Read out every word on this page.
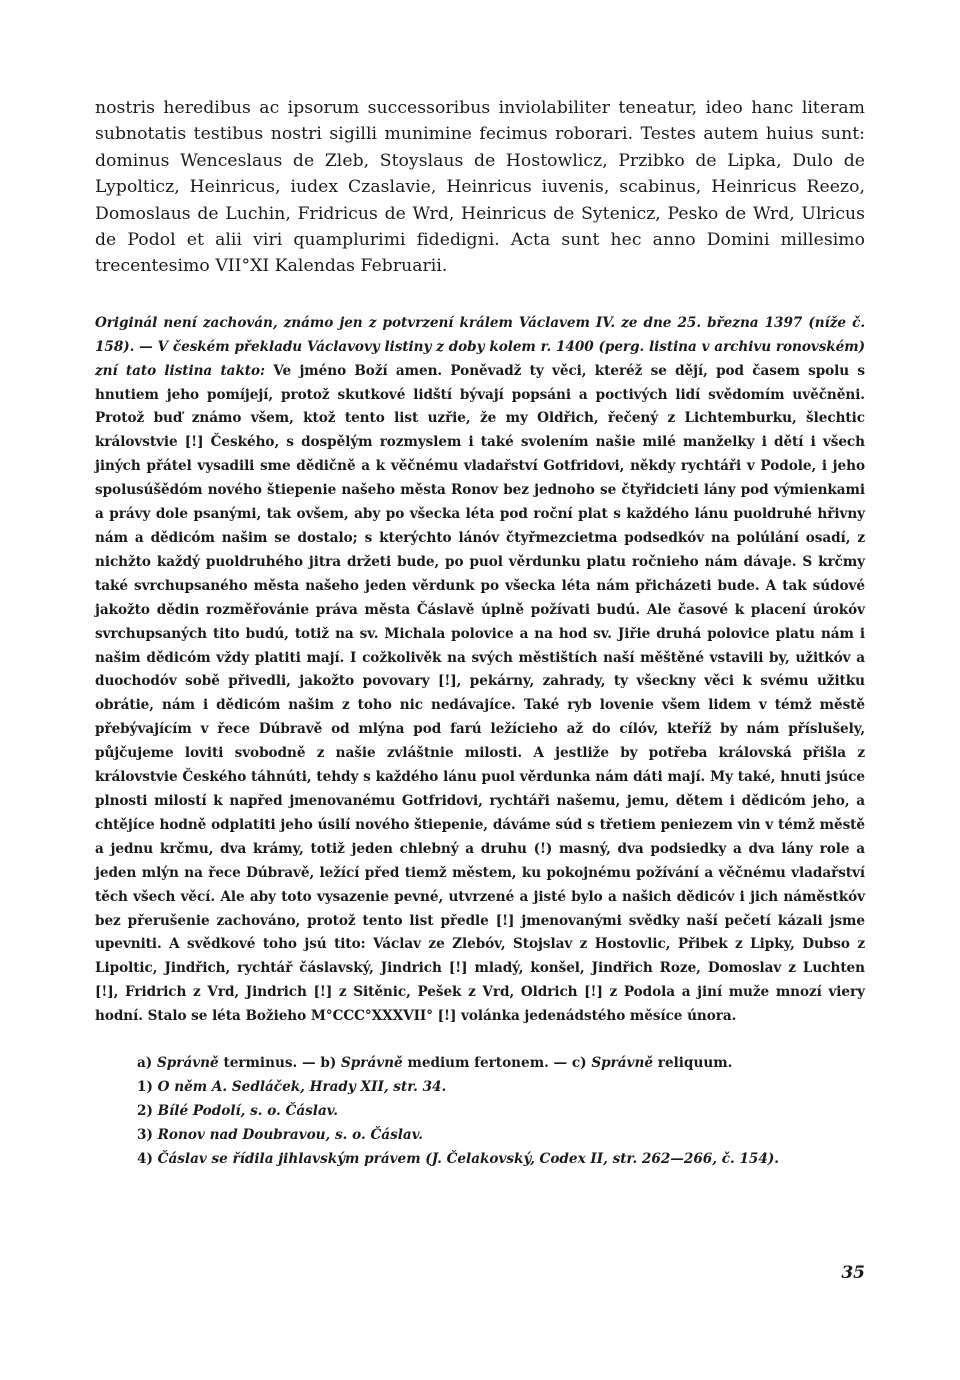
nostris heredibus ac ipsorum successoribus inviolabiliter teneatur, ideo hanc literam subnotatis testibus nostri sigilli munimine fecimus roborari. Testes autem huius sunt: dominus Wenceslaus de Zleb, Stoyslaus de Hostowlicz, Przibko de Lipka, Dulo de Lypolticz, Heinricus, iudex Czaslavie, Heinricus iuvenis, scabinus, Heinricus Reezo, Domoslaus de Luchin, Fridricus de Wrd, Heinricus de Sytenicz, Pesko de Wrd, Ulricus de Podol et alii viri quamplurimi fidedigni. Acta sunt hec anno Domini millesimo trecentesimo VII°XI Kalendas Februarii.

Originál není zachován, známo jen z potvrzení králem Václavem IV. ze dne 25. března 1397 (níže č. 158). — V českém překladu Václavovy listiny z doby kolem r. 1400 (perg. listina v archivu ronovském) zní tato listina takto: Ve jméno Boží amen. Poněvadž ty věci, kteréž se dějí, pod časem spolu s hnutiem jeho pomíjejí, protož skutkové lidští bývají popsáni a poctivých lidí svědomím uvěčněni. Protož buď známo všem, ktož tento list uzřie, že my Oldřich, řečený z Lichtemburku, šlechtic královstvie [!] Českého, s dospělým rozmyslem i také svolením našie milé manželky i dětí i všech jiných přátel vysadili sme dědičně a k věčnému vladařství Gotfridovi, někdy rychtáři v Podole, i jeho spolusúšědóm nového štiepenie našeho města Ronov bez jednoho se čtyřidcieti lány pod výmienkami a právy dole psanými, tak ovšem, aby po všecka léta pod roční plat s každého lánu puoldruhé hřivny nám a dědicóm našim se dostalo; s kterýchto lánóv čtyřmezcietma podsedkóv na polúlání osadí, z nichžto každý puoldruhého jitra držeti bude, po puol věrdunku platu ročnieho nám dávaje. S krčmy také svrchupsaného města našeho jeden věrdunk po všecka léta nám přicházeti bude. A tak súdové jakožto dědin rozměřovánie práva města Čáslavě úplně požívati budú. Ale časové k placení úrokóv svrchupsaných tito budú, totiž na sv. Michala polovice a na hod sv. Jiřie druhá polovice platu nám i našim dědicóm vždy platiti mají. I cožkolivěk na svých městištích naší měštěné vstavili by, užitkóv a duochodóv sobě přivedli, jakožto povovary [!], pekárny, zahrady, ty všeckny věci k svému užitku obrátie, nám i dědicóm našim z toho nic nedávajíce. Také ryb lovenie všem lidem v témž městě přebývajícím v řece Dúbravě od mlýna pod farú ležícieho až do cílóv, kteříž by nám příslušely, půjčujeme loviti svobodně z našie zvláštnie milosti. A jestliže by potřeba královská přišla z královstvie Českého táhnúti, tehdy s každého lánu puol věrdunka nám dáti mají. My také, hnuti jsúce plnosti milostí k napřed jmenovanému Gotfridovi, rychtáři našemu, jemu, dětem i dědicóm jeho, a chtějíce hodně odplatiti jeho úsilí nového štiepenie, dáváme súd s třetiem peniezem vin v témž městě a jednu krčmu, dva krámy, totiž jeden chlebný a druhu (!) masný, dva podsiedky a dva lány role a jeden mlýn na řece Dúbravě, ležící před tiemž městem, ku pokojnému požívání a věčnému vladařství těch všech věcí. Ale aby toto vysazenie pevné, utvrzené a jisté bylo a našich dědicóv i jich náměstkóv bez přerušenie zachováno, protož tento list předle [!] jmenovanými svědky naší pečetí kázali jsme upevniti. A svědkové toho jsú tito: Václav ze Zlebóv, Stojslav z Hostovlic, Přibek z Lipky, Dubso z Lipoltic, Jindřich, rychtář čáslavský, Jindrich [!] mladý, konšel, Jindřich Roze, Domoslav z Luchten [!], Fridrich z Vrd, Jindrich [!] z Sitěnic, Pešek z Vrd, Oldrich [!] z Podola a jiní muže mnozí viery hodní. Stalo se léta Božieho M°CCC°XXXVII° [!] volánka jedenádstého měsíce února.

a) Správně terminus. — b) Správně medium fertonem. — c) Správně reliquum.

1) O něm A. Sedláček, Hrady XII, str. 34.

2) Bílé Podolí, s. o. Čáslav.

3) Ronov nad Doubravou, s. o. Čáslav.

4) Čáslav se řídila jihlavským právem (J. Čelakovský, Codex II, str. 262—266, č. 154).

35
